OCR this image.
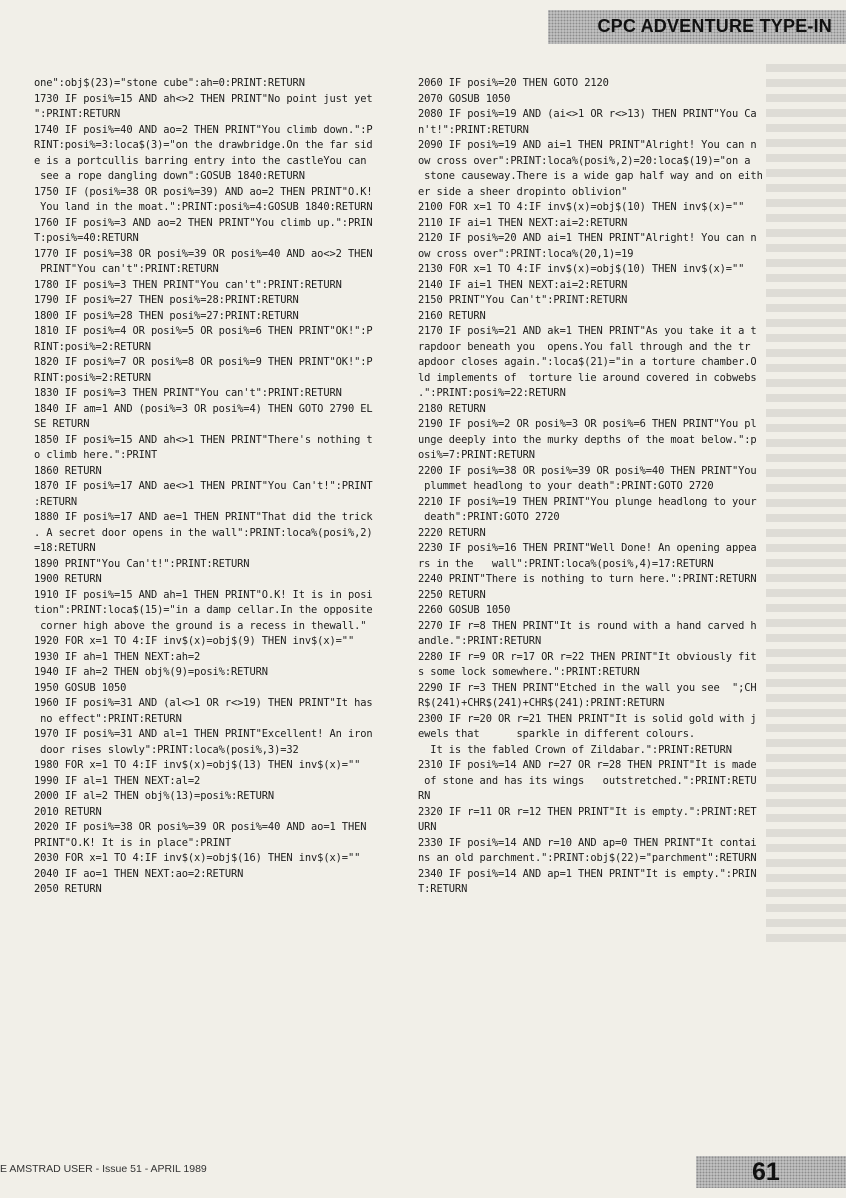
CPC ADVENTURE TYPE-IN
one":obj$(23)="stone cube":ah=0:PRINT:RETURN
1730 IF posi%=15 AND ah<>2 THEN PRINT"No point just yet
":PRINT:RETURN
1740 IF posi%=40 AND ao=2 THEN PRINT"You climb down.":P
RINT:posi%=3:loca$(3)="on the drawbridge.On the far sid
e is a portcullis barring entry into the castleYou can
see a rope dangling down":GOSUB 1840:RETURN
1750 IF (posi%=38 OR posi%=39) AND ao=2 THEN PRINT"O.K!
You land in the moat.":PRINT:posi%=4:GOSUB 1840:RETURN
1760 IF posi%=3 AND ao=2 THEN PRINT"You climb up.":PRIN
T:posi%=40:RETURN
1770 IF posi%=38 OR posi%=39 OR posi%=40 AND ao<>2 THEN
PRINT"You can't":PRINT:RETURN
1780 IF posi%=3 THEN PRINT"You can't":PRINT:RETURN
1790 IF posi%=27 THEN posi%=28:PRINT:RETURN
1800 IF posi%=28 THEN posi%=27:PRINT:RETURN
1810 IF posi%=4 OR posi%=5 OR posi%=6 THEN PRINT"OK!":P
RINT:posi%=2:RETURN
1820 IF posi%=7 OR posi%=8 OR posi%=9 THEN PRINT"OK!":P
RINT:posi%=2:RETURN
1830 IF posi%=3 THEN PRINT"You can't":PRINT:RETURN
1840 IF am=1 AND (posi%=3 OR posi%=4) THEN GOTO 2790 EL
SE RETURN
1850 IF posi%=15 AND ah<>1 THEN PRINT"There's nothing t
o climb here.":PRINT
1860 RETURN
1870 IF posi%=17 AND ae<>1 THEN PRINT"You Can't!":PRINT
:RETURN
1880 IF posi%=17 AND ae=1 THEN PRINT"That did the trick
. A secret door opens in the wall":PRINT:loca%(posi%,2)
=18:RETURN
1890 PRINT"You Can't!":PRINT:RETURN
1900 RETURN
1910 IF posi%=15 AND ah=1 THEN PRINT"O.K! It is in posi
tion":PRINT:loca$(15)="in a damp cellar.In the opposite
corner high above the ground is a recess in thewall."
1920 FOR x=1 TO 4:IF inv$(x)=obj$(9) THEN inv$(x)=""
1930 IF ah=1 THEN NEXT:ah=2
1940 IF ah=2 THEN obj%(9)=posi%:RETURN
1950 GOSUB 1050
1960 IF posi%=31 AND (al<>1 OR r<>19) THEN PRINT"It has
no effect":PRINT:RETURN
1970 IF posi%=31 AND al=1 THEN PRINT"Excellent! An iron
door rises slowly":PRINT:loca%(posi%,3)=32
1980 FOR x=1 TO 4:IF inv$(x)=obj$(13) THEN inv$(x)=""
1990 IF al=1 THEN NEXT:al=2
2000 IF al=2 THEN obj%(13)=posi%:RETURN
2010 RETURN
2020 IF posi%=38 OR posi%=39 OR posi%=40 AND ao=1 THEN
PRINT"O.K! It is in place":PRINT
2030 FOR x=1 TO 4:IF inv$(x)=obj$(16) THEN inv$(x)=""
2040 IF ao=1 THEN NEXT:ao=2:RETURN
2050 RETURN
2060 IF posi%=20 THEN GOTO 2120
2070 GOSUB 1050
2080 IF posi%=19 AND (ai<>1 OR r<>13) THEN PRINT"You Ca
n't!":PRINT:RETURN
2090 IF posi%=19 AND ai=1 THEN PRINT"Alright! You can n
ow cross over":PRINT:loca%(posi%,2)=20:loca$(19)="on a
stone causeway.There is a wide gap half way and on eith
er side a sheer dropinto oblivion"
2100 FOR x=1 TO 4:IF inv$(x)=obj$(10) THEN inv$(x)=""
2110 IF ai=1 THEN NEXT:ai=2:RETURN
2120 IF posi%=20 AND ai=1 THEN PRINT"Alright! You can n
ow cross over":PRINT:loca%(20,1)=19
2130 FOR x=1 TO 4:IF inv$(x)=obj$(10) THEN inv$(x)=""
2140 IF ai=1 THEN NEXT:ai=2:RETURN
2150 PRINT"You Can't":PRINT:RETURN
2160 RETURN
2170 IF posi%=21 AND ak=1 THEN PRINT"As you take it a t
rapdoor beneath you  opens.You fall through and the tr
apdoor closes again.":loca$(21)="in a torture chamber.O
ld implements of  torture lie around covered in cobwebs
.":PRINT:posi%=22:RETURN
2180 RETURN
2190 IF posi%=2 OR posi%=3 OR posi%=6 THEN PRINT"You pl
unge deeply into the murky depths of the moat below.":p
osi%=7:PRINT:RETURN
2200 IF posi%=38 OR posi%=39 OR posi%=40 THEN PRINT"You
plummet headlong to your death":PRINT:GOTO 2720
2210 IF posi%=19 THEN PRINT"You plunge headlong to your
death":PRINT:GOTO 2720
2220 RETURN
2230 IF posi%=16 THEN PRINT"Well Done! An opening appea
rs in the   wall":PRINT:loca%(posi%,4)=17:RETURN
2240 PRINT"There is nothing to turn here.":PRINT:RETURN
2250 RETURN
2260 GOSUB 1050
2270 IF r=8 THEN PRINT"It is round with a hand carved h
andle.":PRINT:RETURN
2280 IF r=9 OR r=17 OR r=22 THEN PRINT"It obviously fit
s some lock somewhere.":PRINT:RETURN
2290 IF r=3 THEN PRINT"Etched in the wall you see  ";CH
R$(241)+CHR$(241)+CHR$(241):PRINT:RETURN
2300 IF r=20 OR r=21 THEN PRINT"It is solid gold with j
ewels that      sparkle in different colours.
It is the fabled Crown of Zildabar.":PRINT:RETURN
2310 IF posi%=14 AND r=27 OR r=28 THEN PRINT"It is made
of stone and has its wings   outstretched.":PRINT:RETU
RN
2320 IF r=11 OR r=12 THEN PRINT"It is empty.":PRINT:RET
URN
2330 IF posi%=14 AND r=10 AND ap=0 THEN PRINT"It contai
ns an old parchment.":PRINT:obj$(22)="parchment":RETURN
2340 IF posi%=14 AND ap=1 THEN PRINT"It is empty.":PRIN
T:RETURN
E AMSTRAD USER - Issue 51 - APRIL 1989	61
